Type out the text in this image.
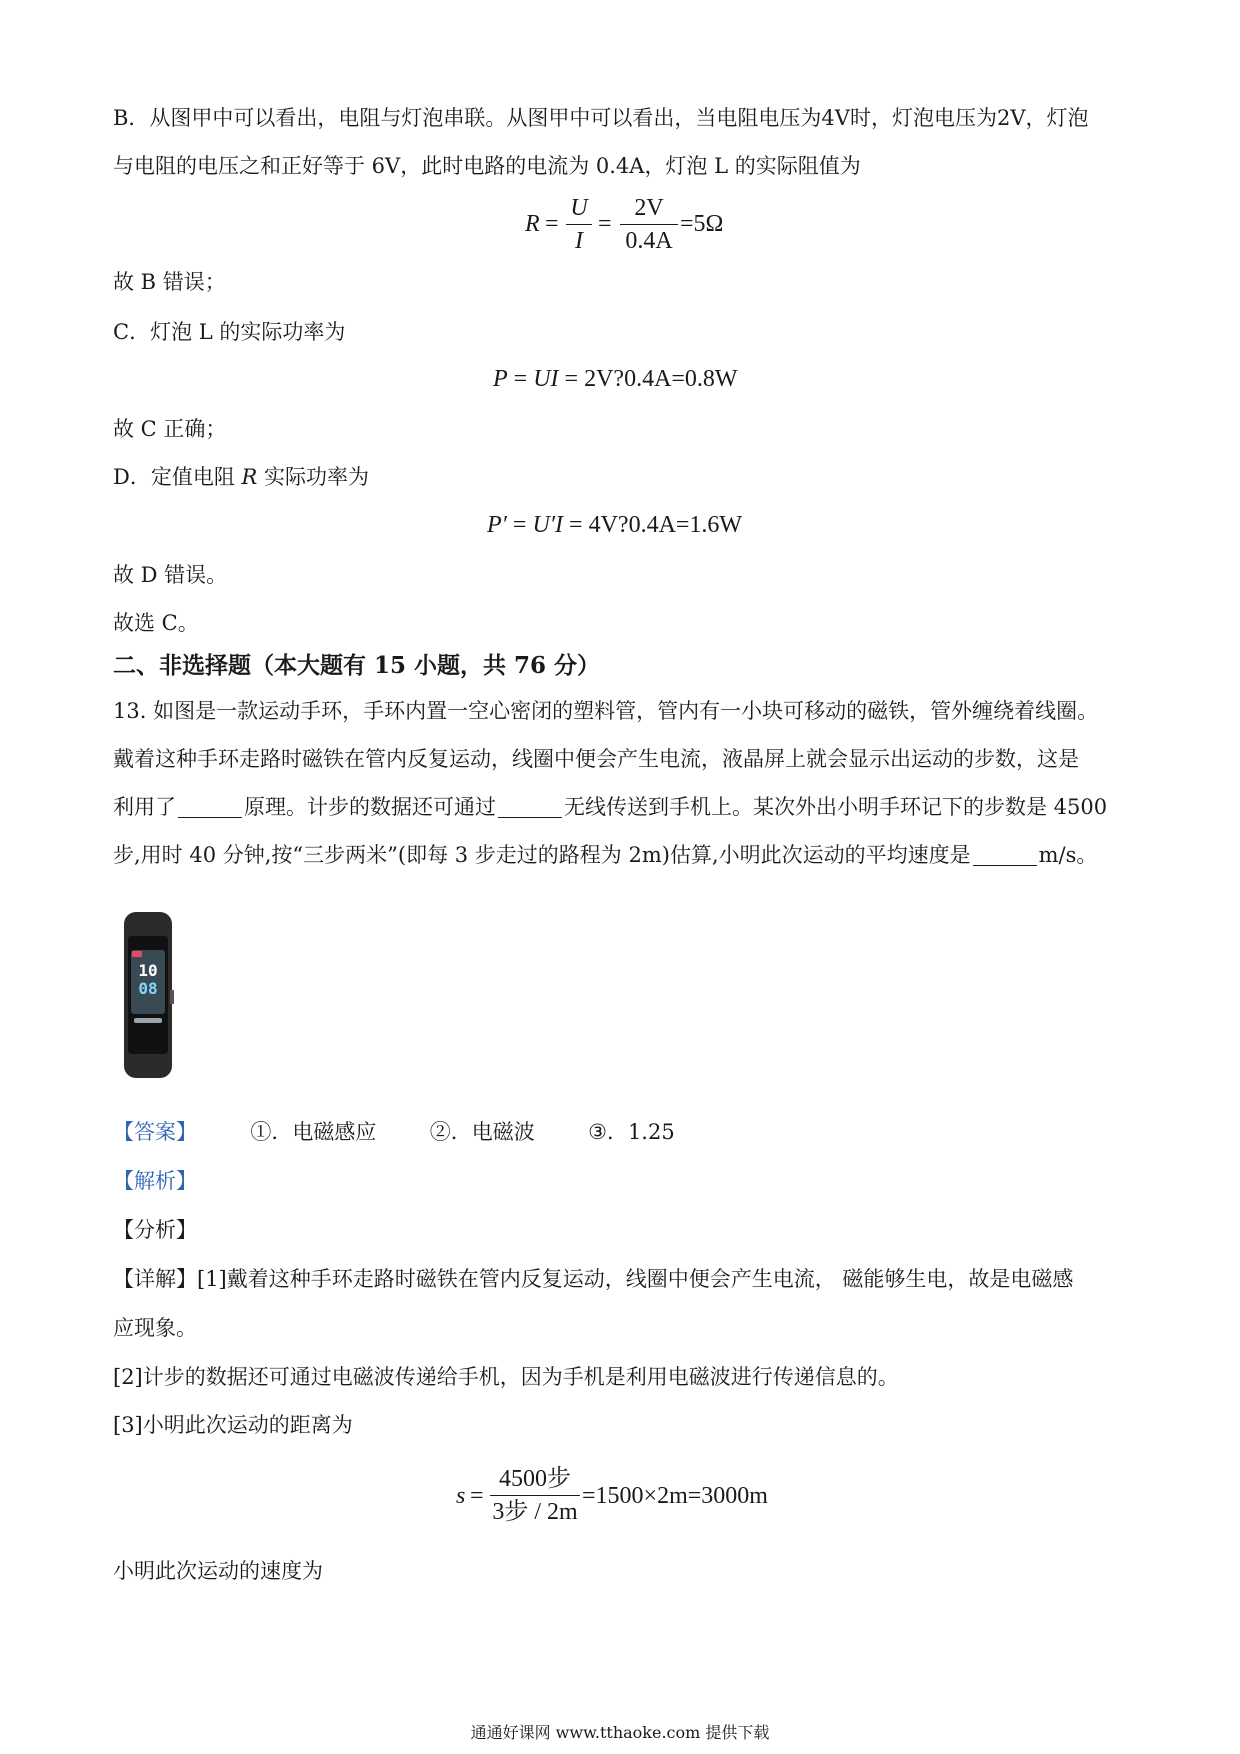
B．从图甲中可以看出，电阻与灯泡串联。从图甲中可以看出，当电阻电压为4V时，灯泡电压为2V，灯泡
与电阻的电压之和正好等于 6V，此时电路的电流为 0.4A，灯泡 L 的实际阻值为
R =
U
I
=
2V
0.4A
=5Ω
故 B 错误；
C．灯泡 L 的实际功率为
P = UI = 2V?0.4A=0.8W
故 C 正确；
D．定值电阻 R 实际功率为
P′ = U′I = 4V?0.4A=1.6W
故 D 错误。
故选 C。
二、非选择题（本大题有 15 小题，共 76 分）
13. 如图是一款运动手环，手环内置一空心密闭的塑料管，管内有一小块可移动的磁铁，管外缠绕着线圈。
戴着这种手环走路时磁铁在管内反复运动，线圈中便会产生电流，液晶屏上就会显示出运动的步数，这是
利用了	原理。计步的数据还可通过	无线传送到手机上。某次外出小明手环记下的步数是 4500
步,用时 40 分钟,按“三步两米”(即每 3 步走过的路程为 2m)估算,小明此次运动的平均速度是	m/s。
10
08
【答案】	①．电磁感应	②．电磁波	③．1.25
【解析】
【分析】
【详解】[1]戴着这种手环走路时磁铁在管内反复运动，线圈中便会产生电流， 磁能够生电，故是电磁感
应现象。
[2]计步的数据还可通过电磁波传递给手机，因为手机是利用电磁波进行传递信息的。
[3]小明此次运动的距离为
s =
4500步
3步 / 2m
=1500×2m=3000m
小明此次运动的速度为
通通好课网 www.tthaoke.com 提供下载
